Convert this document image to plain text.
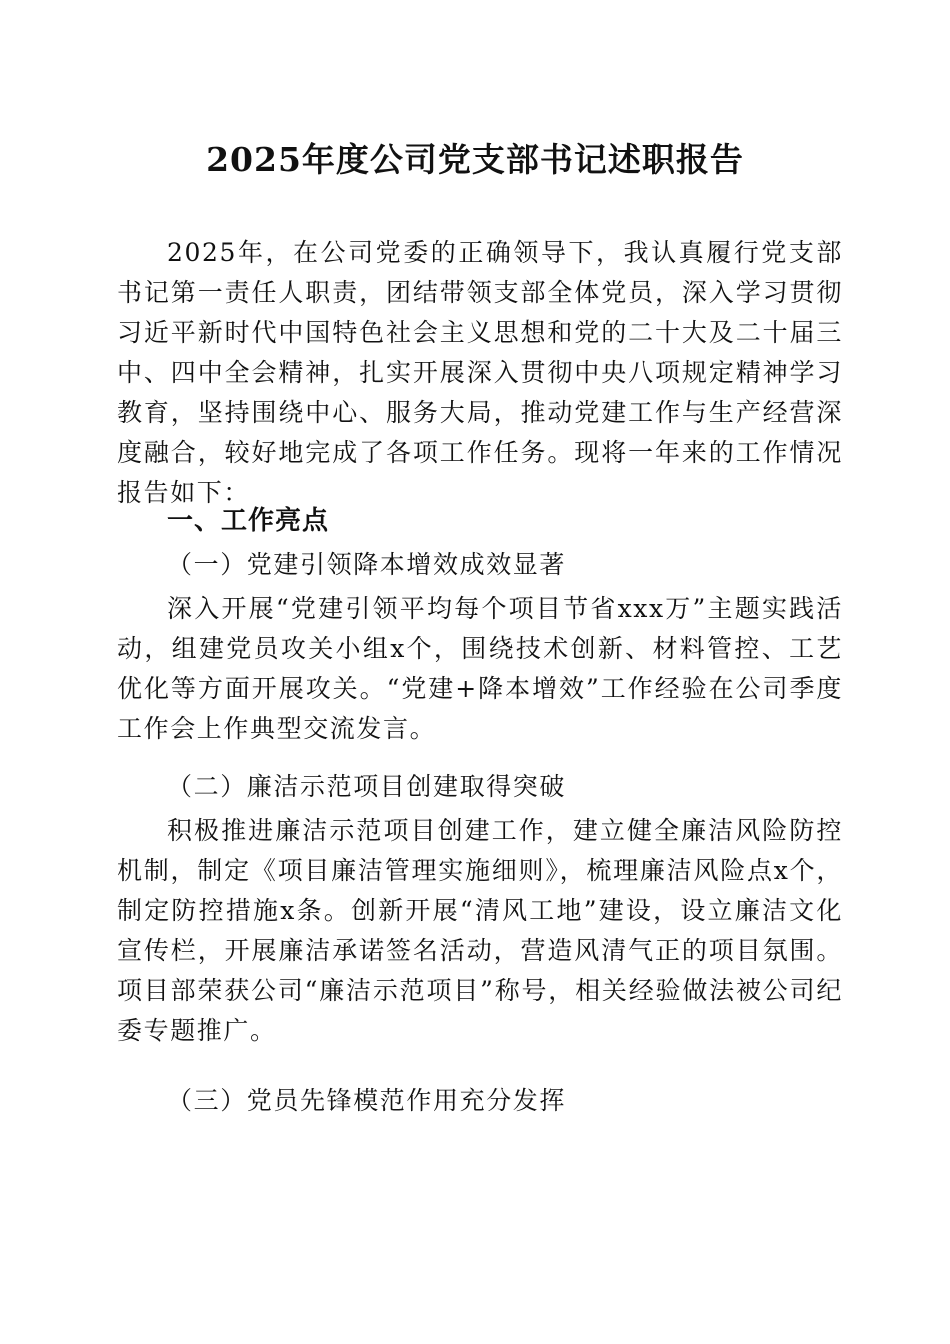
2025年度公司党支部书记述职报告

2025年，在公司党委的正确领导下，我认真履行党支部书记第一责任人职责，团结带领支部全体党员，深入学习贯彻习近平新时代中国特色社会主义思想和党的二十大及二十届三中、四中全会精神，扎实开展深入贯彻中央八项规定精神学习教育，坚持围绕中心、服务大局，推动党建工作与生产经营深度融合，较好地完成了各项工作任务。现将一年来的工作情况报告如下：

一、工作亮点
（一）党建引领降本增效成效显著

深入开展“党建引领平均每个项目节省xxx万”主题实践活动，组建党员攻关小组x个，围绕技术创新、材料管控、工艺优化等方面开展攻关。“党建+降本增效”工作经验在公司季度工作会上作典型交流发言。

（二）廉洁示范项目创建取得突破

积极推进廉洁示范项目创建工作，建立健全廉洁风险防控机制，制定《项目廉洁管理实施细则》，梳理廉洁风险点x个，制定防控措施x条。创新开展“清风工地”建设，设立廉洁文化宣传栏，开展廉洁承诺签名活动，营造风清气正的项目氛围。项目部荣获公司“廉洁示范项目”称号，相关经验做法被公司纪委专题推广。

（三）党员先锋模范作用充分发挥
